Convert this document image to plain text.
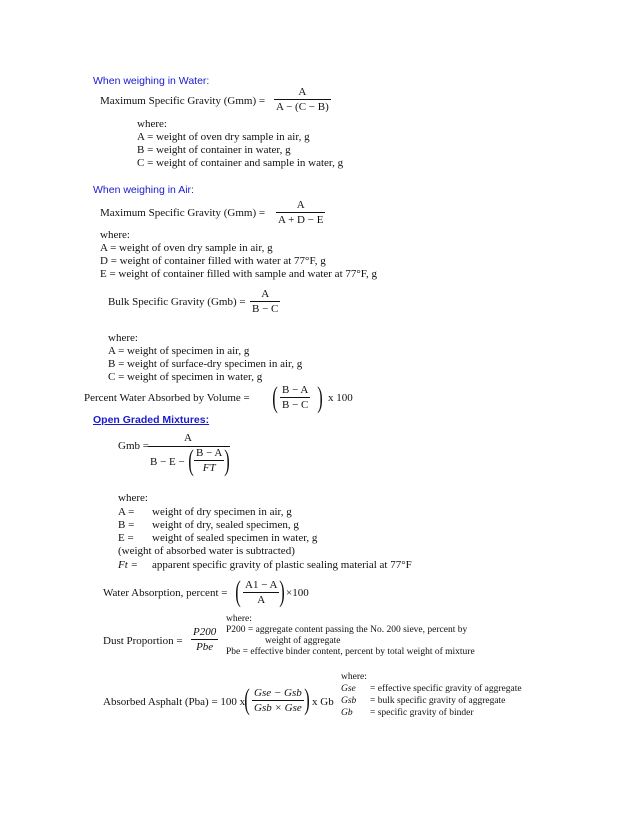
When weighing in Water:
Maximum Specific Gravity $(Gmm) = \frac{A}{A - (C - B)}$
where:
A = weight of oven dry sample in air, g
B = weight of container in water, g
C = weight of container and sample in water, g
When weighing in Air:
Maximum Specific Gravity $(Gmm) = \frac{A}{A + D - E}$
where:
A = weight of oven dry sample in air, g
D = weight of container filled with water at 77°F, g
E = weight of container filled with sample and water at 77°F, g
Bulk Specific Gravity $(Gmb) = \frac{A}{B - C}$
where:
A = weight of specimen in air, g
B = weight of surface-dry specimen in air, g
C = weight of specimen in water, g
Percent Water Absorbed by Volume = ( $\frac{B - A}{B - C}$ ) x 100
Open Graded Mixtures:
Gmb =
A
B − E − ( $\frac{B - A}{FT}$ )
where:
A = weight of dry specimen in air, g
B = weight of dry, sealed specimen, g
E = weight of sealed specimen in water, g
(weight of absorbed water is subtracted)
Ft = apparent specific gravity of plastic sealing material at 77°F
Water Absorption, percent = ( $\frac{A1 - A}{A}$ ) ×100
Dust Proportion =
P200
Pbe
where:
P200 = aggregate content passing the No. 200 sieve, percent by
weight of aggregate
Pbe = effective binder content, percent by total weight of mixture
Absorbed Asphalt (Pba) = 100 x ( Gse − Gsb
Gsb × Gse ) x Gb
where:
Gse = effective specific gravity of aggregate
Gsb = bulk specific gravity of aggregate
Gb = specific gravity of binder
